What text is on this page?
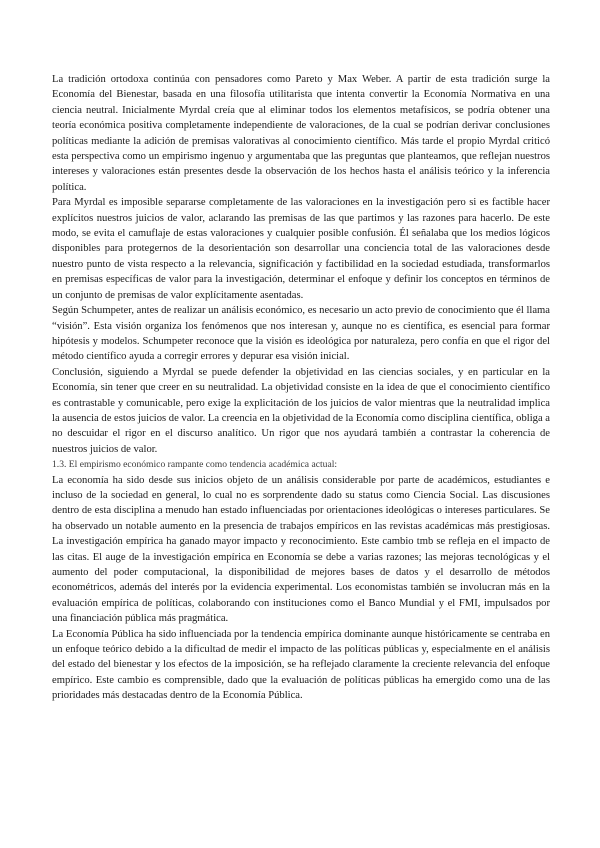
La tradición ortodoxa continúa con pensadores como Pareto y Max Weber. A partir de esta tradición surge la Economía del Bienestar, basada en una filosofía utilitarista que intenta convertir la Economía Normativa en una ciencia neutral. Inicialmente Myrdal creía que al eliminar todos los elementos metafísicos, se podría obtener una teoría económica positiva completamente independiente de valoraciones, de la cual se podrían derivar conclusiones políticas mediante la adición de premisas valorativas al conocimiento científico. Más tarde el propio Myrdal criticó esta perspectiva como un empirismo ingenuo y argumentaba que las preguntas que planteamos, que reflejan nuestros intereses y valoraciones están presentes desde la observación de los hechos hasta el análisis teórico y la inferencia política.

Para Myrdal es imposible separarse completamente de las valoraciones en la investigación pero si es factible hacer explícitos nuestros juicios de valor, aclarando las premisas de las que partimos y las razones para hacerlo. De este modo, se evita el camuflaje de estas valoraciones y cualquier posible confusión. Él señalaba que los medios lógicos disponibles para protegernos de la desorientación son desarrollar una conciencia total de las valoraciones desde nuestro punto de vista respecto a la relevancia, significación y factibilidad en la sociedad estudiada, transformarlos en premisas específicas de valor para la investigación, determinar el enfoque y definir los conceptos en términos de un conjunto de premisas de valor explícitamente asentadas.

Según Schumpeter, antes de realizar un análisis económico, es necesario un acto previo de conocimiento que él llama “visión”. Esta visión organiza los fenómenos que nos interesan y, aunque no es científica, es esencial para formar hipótesis y modelos. Schumpeter reconoce que la visión es ideológica por naturaleza, pero confía en que el rigor del método científico ayuda a corregir errores y depurar esa visión inicial.

Conclusión, siguiendo a Myrdal se puede defender la objetividad en las ciencias sociales, y en particular en la Economía, sin tener que creer en su neutralidad. La objetividad consiste en la idea de que el conocimiento científico es contrastable y comunicable, pero exige la explicitación de los juicios de valor mientras que la neutralidad implica la ausencia de estos juicios de valor. La creencia en la objetividad de la Economía como disciplina científica, obliga a no descuidar el rigor en el discurso analítico. Un rigor que nos ayudará también a contrastar la coherencia de nuestros juicios de valor.

1.3. El empirismo económico rampante como tendencia académica actual:

La economía ha sido desde sus inicios objeto de un análisis considerable por parte de académicos, estudiantes e incluso de la sociedad en general, lo cual no es sorprendente dado su status como Ciencia Social. Las discusiones dentro de esta disciplina a menudo han estado influenciadas por orientaciones ideológicas o intereses particulares. Se ha observado un notable aumento en la presencia de trabajos empíricos en las revistas académicas más prestigiosas. La investigación empírica ha ganado mayor impacto y reconocimiento. Este cambio tmb se refleja en el impacto de las citas. El auge de la investigación empírica en Economía se debe a varias razones; las mejoras tecnológicas y el aumento del poder computacional, la disponibilidad de mejores bases de datos y el desarrollo de métodos econométricos, además del interés por la evidencia experimental. Los economistas también se involucran más en la evaluación empírica de políticas, colaborando con instituciones como el Banco Mundial y el FMI, impulsados por una financiación pública más pragmática.

La Economía Pública ha sido influenciada por la tendencia empírica dominante aunque históricamente se centraba en un enfoque teórico debido a la dificultad de medir el impacto de las políticas públicas y, especialmente en el análisis del estado del bienestar y los efectos de la imposición, se ha reflejado claramente la creciente relevancia del enfoque empírico. Este cambio es comprensible, dado que la evaluación de políticas públicas ha emergido como una de las prioridades más destacadas dentro de la Economía Pública.
